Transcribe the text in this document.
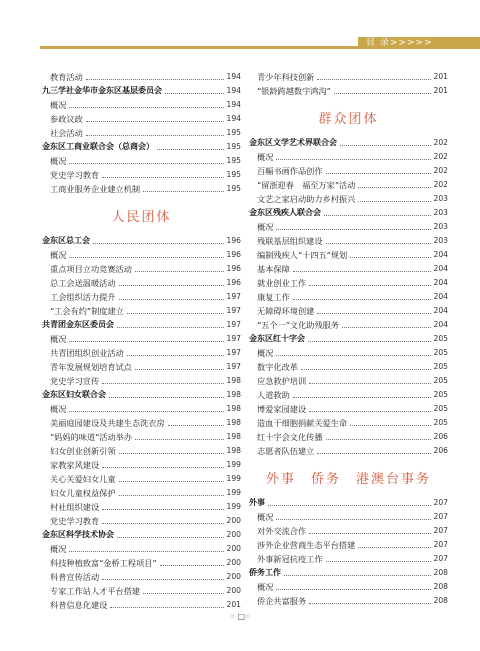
目 录>>>>>
教育活动	194
九三学社金华市金东区基层委员会	194
概况	194
参政议政	194
社会活动	195
金东区工商业联合会（总商会）	195
概况	195
党史学习教育	195
工商业服务企业建立机制	195
人民团体
金东区总工会	196
概况	196
重点项目立功竞赛活动	196
总工会送温暖活动	196
工会组织活力提升	197
“工会有约”制度建立	197
共青团金东区委员会	197
概况	197
共青团组织创业活动	197
青年发展规划培育试点	197
党史学习宣传	198
金东区妇女联合会	198
概况	198
美丽庭园建设及共建生态洗衣房	198
“妈妈的味道”活动举办	198
妇女创业创新引领	198
家教家风建设	199
关心关爱妇女儿童	199
妇女儿童权益保护	199
村社组织建设	199
党史学习教育	200
金东区科学技术协会	200
概况	200
科技种植致富“金桥工程项目”	200
科普宣传活动	200
专家工作站人才平台搭建	200
科普信息化建设	201
青少年科技创新	201
“银龄跨越数字鸿沟”	201
群众团体
金东区文学艺术界联合会	202
概况	202
百幅书画作品创作	202
“留浙迎春　福至万家”活动	202
文艺之家启动助力乡村振兴	203
金东区残疾人联合会	203
概况	203
残联基层组织建设	203
编制残疾人“十四五”规划	204
基本保障	204
就业创业工作	204
康复工作	204
无障碍环境创建	204
“五个一”文化助残服务	204
金东区红十字会	205
概况	205
数字化改革	205
应急救护培训	205
人道救助	205
博爱家园建设	205
造血干细胞捐献关爱生命	205
红十字会文化传播	206
志愿者队伍建立	206
外事　侨务　港澳台事务
外事	207
概况	207
对外交流合作	207
涉外企业营商生态平台搭建	207
外事新冠抗疫工作	207
侨务工作	208
概况	208
侨企共富服务	208
◦ □◦
